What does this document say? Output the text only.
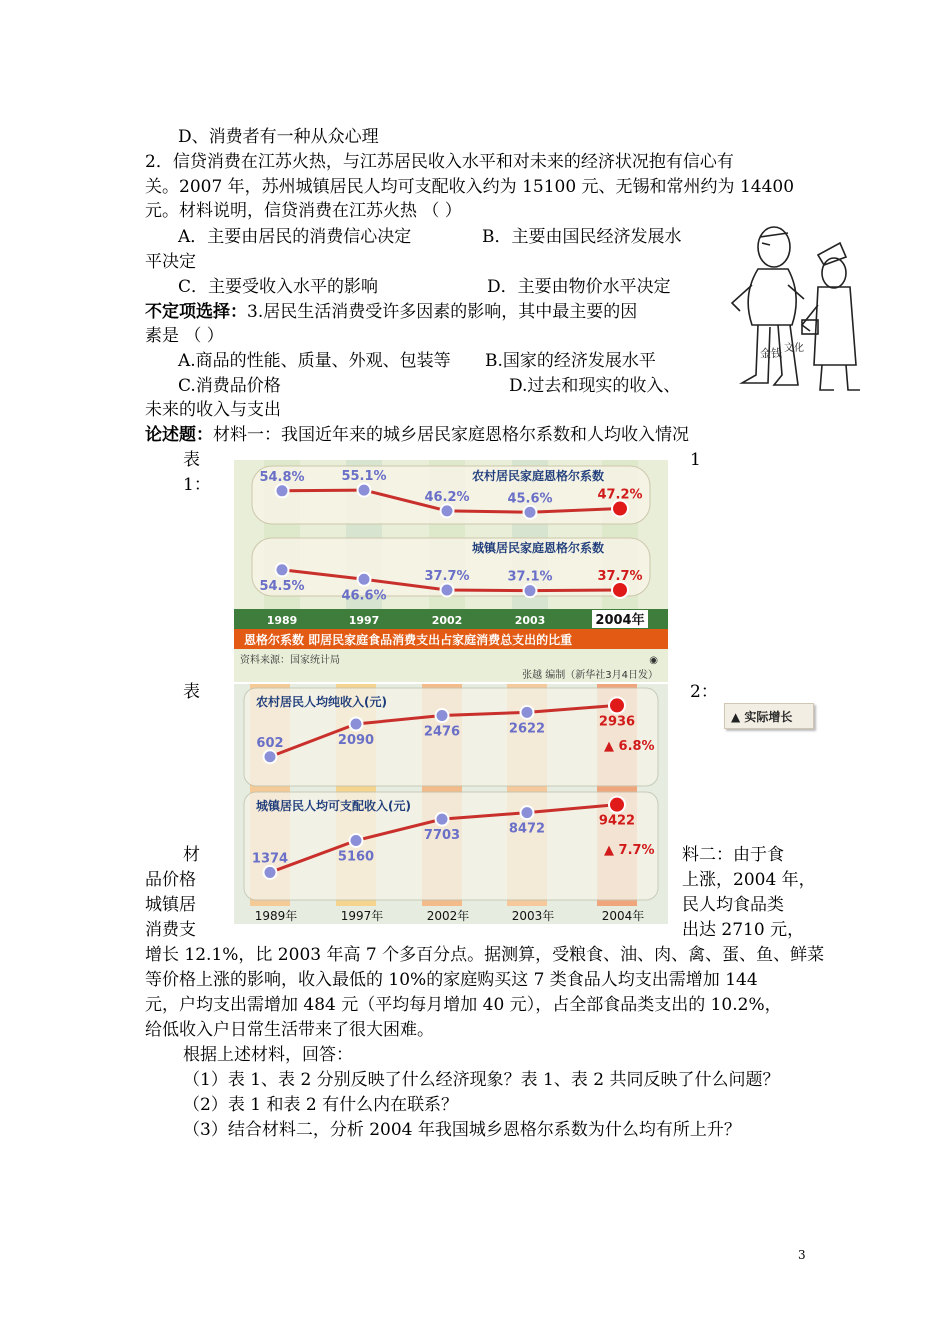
D、消费者有一种从众心理
2．信贷消费在江苏火热，与江苏居民收入水平和对未来的经济状况抱有信心有
关。2007 年，苏州城镇居民人均可支配收入约为 15100 元、无锡和常州约为 14400
元。材料说明，信贷消费在江苏火热 （ ）
A．主要由居民的消费信心决定	B．主要由国民经济发展水
平决定
C．主要受收入水平的影响	D．主要由物价水平决定
不定项选择：3.居民生活消费受许多因素的影响，其中最主要的因
素是 （ ）
A.商品的性能、质量、外观、包装等 B.国家的经济发展水平
C.消费品价格	D.过去和现实的收入、
未来的收入与支出
论述题：材料一：我国近年来的城乡居民家庭恩格尔系数和人均收入情况
表	1
1：
表	2：
材	料二：由于食
品价格	上涨，2004 年，
城镇居	民人均食品类
消费支	出达 2710 元，
增长 12.1%，比 2003 年高 7 个多百分点。据测算，受粮食、油、肉、禽、蛋、鱼、鲜菜
等价格上涨的影响，收入最低的 10%的家庭购买这 7 类食品人均支出需增加 144
元，户均支出需增加 484 元（平均每月增加 40 元），占全部食品类支出的 10.2%，
给低收入户日常生活带来了很大困难。
根据上述材料，回答：
（1）表 1、表 2 分别反映了什么经济现象？表 1、表 2 共同反映了什么问题？
（2）表 1 和表 2 有什么内在联系？
（3）结合材料二，分析 2004 年我国城乡恩格尔系数为什么均有所上升？
3
金钱 文化
农村居民家庭恩格尔系数
城镇居民家庭恩格尔系数
54.8%	55.1%
46.2%	45.6%	47.2%
54.5%
46.6%
37.7%	37.1%	37.7%
1989	1997	2002	2003	2004年
恩格尔系数 即居民家庭食品消费支出占家庭消费总支出的比重
资料来源：国家统计局	◉
张越 编制（新华社3月4日发）
农村居民人均纯收入(元)
城镇居民人均可支配收入(元)
602	2090
2476	2622	2936
1374	5160
7703	8472
9422
▲ 6.8%
▲ 7.7%
1989年	1997年	2002年	2003年	2004年
▲ 实际增长
